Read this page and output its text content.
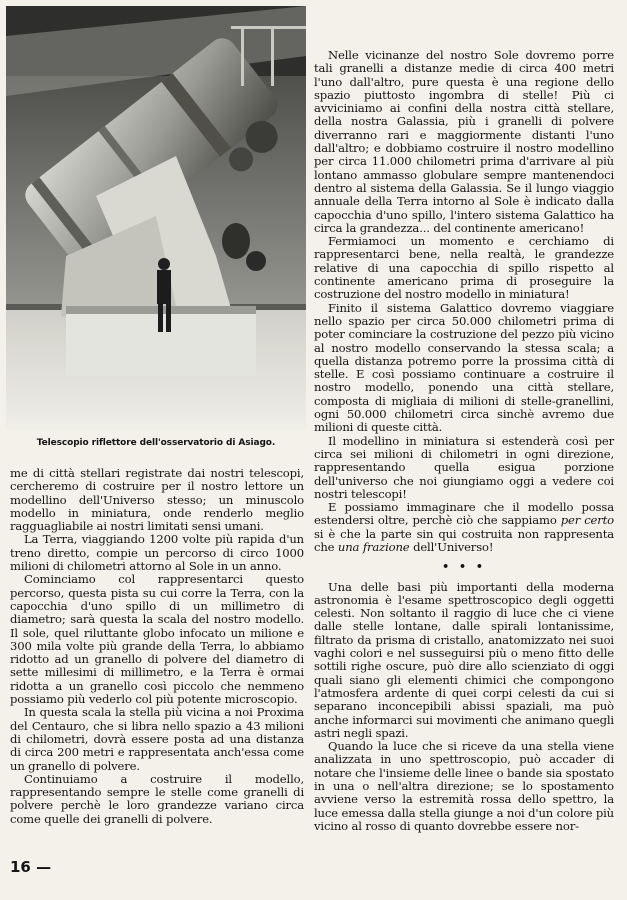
Telescopio riflettore dell'osservatorio di Asiago.

me di città stellari registrate dai nostri telescopi, cercheremo di costruire per il nostro lettore un modellino dell'Universo stesso; un minuscolo modello in miniatura, onde renderlo meglio ragguagliabile ai nostri limitati sensi umani.

La Terra, viaggiando 1200 volte più rapida d'un treno diretto, compie un percorso di circo 1000 milioni di chilometri attorno al Sole in un anno.

Cominciamo col rappresentarci questo percorso, questa pista su cui corre la Terra, con la capocchia d'uno spillo di un millimetro di diametro; sarà questa la scala del nostro modello. Il sole, quel riluttante globo infocato un milione e 300 mila volte più grande della Terra, lo abbiamo ridotto ad un granello di polvere del diametro di sette millesimi di millimetro, e la Terra è ormai ridotta a un granello così piccolo che nemmeno possiamo più vederlo col più potente microscopio.

In questa scala la stella più vicina a noi Proxima del Centauro, che si libra nello spazio a 43 milioni di chilometri, dovrà essere posta ad una distanza di circa 200 metri e rappresentata anch'essa come un granello di polvere.

Continuiamo a costruire il modello, rappresentando sempre le stelle come granelli di polvere perchè le loro grandezze variano circa come quelle dei granelli di polvere.

Nelle vicinanze del nostro Sole dovremo porre tali granelli a distanze medie di circa 400 metri l'uno dall'altro, pure questa è una regione dello spazio piuttosto ingombra di stelle! Più ci avviciniamo ai confini della nostra città stellare, della nostra Galassia, più i granelli di polvere diverranno rari e maggiormente distanti l'uno dall'altro; e dobbiamo costruire il nostro modellino per circa 11.000 chilometri prima d'arrivare al più lontano ammasso globulare sempre mantenendoci dentro al sistema della Galassia. Se il lungo viaggio annuale della Terra intorno al Sole è indicato dalla capocchia d'uno spillo, l'intero sistema Galattico ha circa la grandezza... del continente americano!

Fermiamoci un momento e cerchiamo di rappresentarci bene, nella realtà, le grandezze relative di una capocchia di spillo rispetto al continente americano prima di proseguire la costruzione del nostro modello in miniatura!

Finito il sistema Galattico dovremo viaggiare nello spazio per circa 50.000 chilometri prima di poter cominciare la costruzione del pezzo più vicino al nostro modello conservando la stessa scala; a quella distanza potremo porre la prossima città di stelle. E così possiamo continuare a costruire il nostro modello, ponendo una città stellare, composta di migliaia di milioni di stelle-granellini, ogni 50.000 chilometri circa sinchè avremo due milioni di queste città.

Il modellino in miniatura si estenderà così per circa sei milioni di chilometri in ogni direzione, rappresentando quella esigua porzione dell'universo che noi giungiamo oggi a vedere coi nostri telescopi!

E possiamo immaginare che il modello possa estendersi oltre, perchè ciò che sappiamo per certo si è che la parte sin qui costruita non rappresenta che una frazione dell'Universo!

• • •

Una delle basi più importanti della moderna astronomia è l'esame spettroscopico degli oggetti celesti. Non soltanto il raggio di luce che ci viene dalle stelle lontane, dalle spirali lontanissime, filtrato da prisma di cristallo, anatomizzato nei suoi vaghi colori e nel susseguirsi più o meno fitto delle sottili righe oscure, può dire allo scienziato di oggi quali siano gli elementi chimici che compongono l'atmosfera ardente di quei corpi celesti da cui si separano inconcepibili abissi spaziali, ma può anche informarci sui movimenti che animano quegli astri negli spazi.

Quando la luce che si riceve da una stella viene analizzata in uno spettroscopio, può accader di notare che l'insieme delle linee o bande sia spostato in una o nell'altra direzione; se lo spostamento avviene verso la estremità rossa dello spettro, la luce emessa dalla stella giunge a noi d'un colore più vicino al rosso di quanto dovrebbe essere nor-

16 —
